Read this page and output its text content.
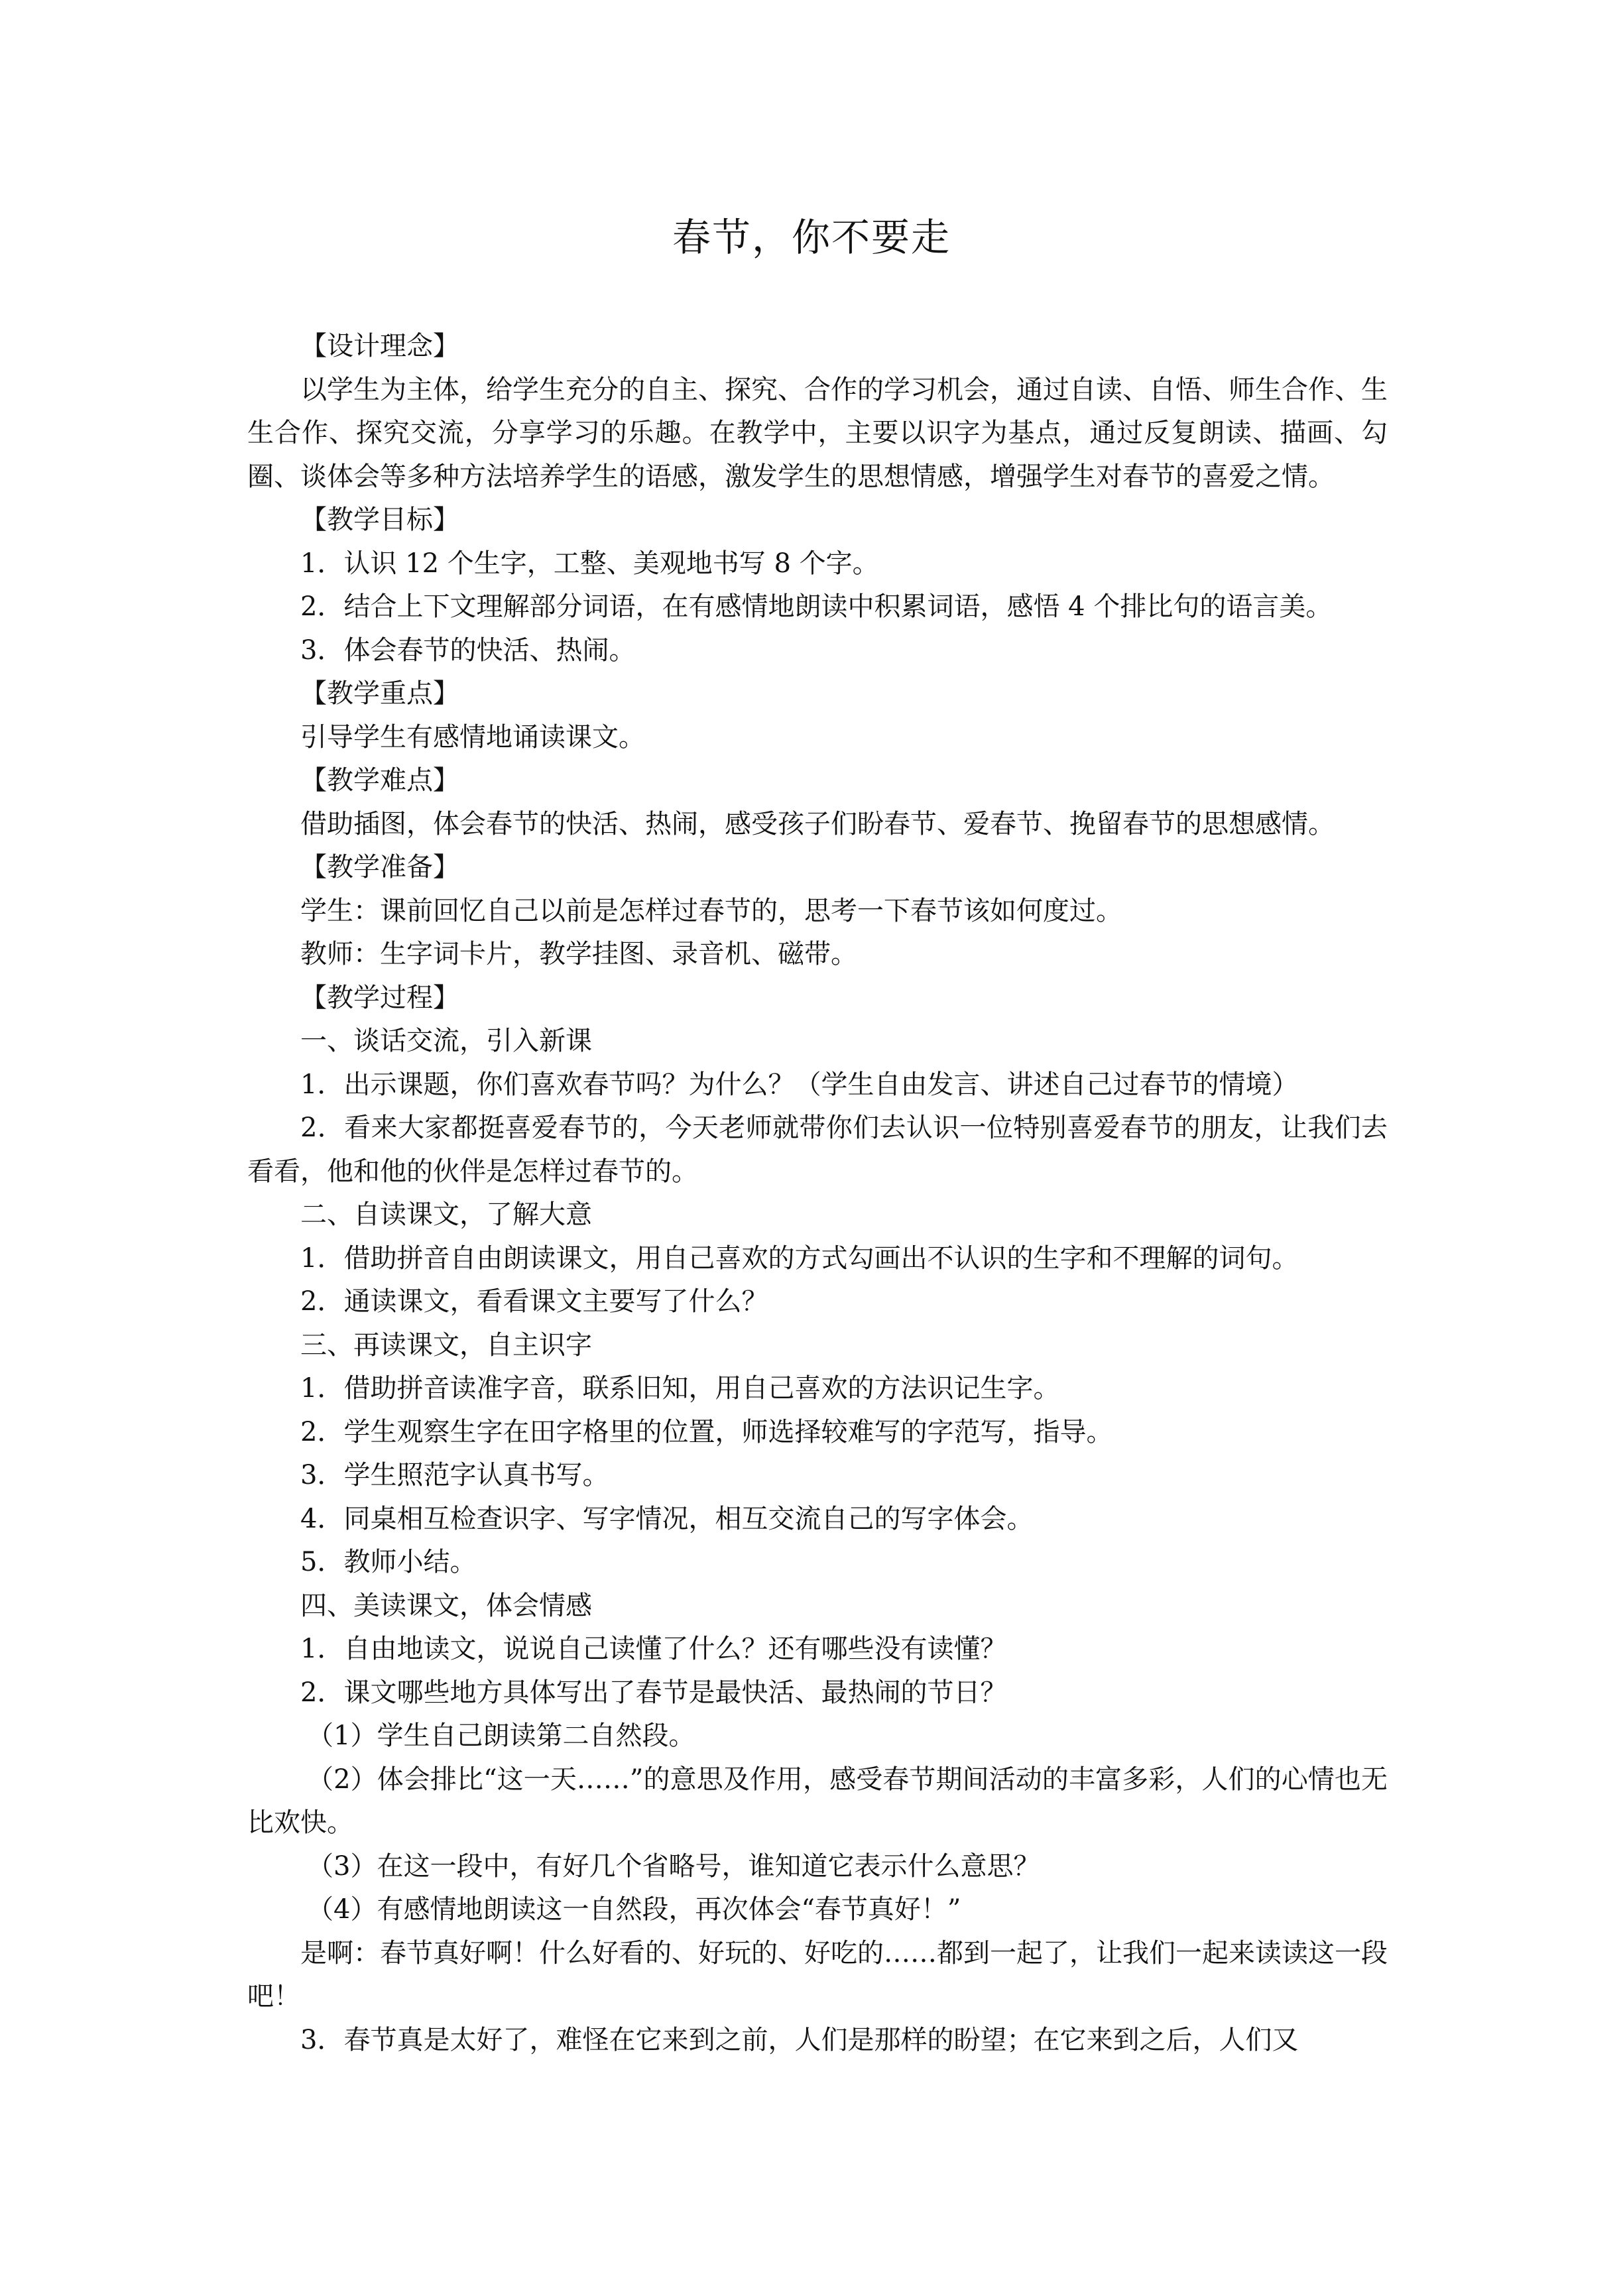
春节，你不要走

【设计理念】

以学生为主体，给学生充分的自主、探究、合作的学习机会，通过自读、自悟、师生合作、生生合作、探究交流，分享学习的乐趣。在教学中，主要以识字为基点，通过反复朗读、描画、勾圈、谈体会等多种方法培养学生的语感，激发学生的思想情感，增强学生对春节的喜爱之情。

【教学目标】

1．认识 12 个生字，工整、美观地书写 8 个字。

2．结合上下文理解部分词语，在有感情地朗读中积累词语，感悟 4 个排比句的语言美。

3．体会春节的快活、热闹。

【教学重点】

引导学生有感情地诵读课文。

【教学难点】

借助插图，体会春节的快活、热闹，感受孩子们盼春节、爱春节、挽留春节的思想感情。

【教学准备】

学生：课前回忆自己以前是怎样过春节的，思考一下春节该如何度过。

教师：生字词卡片，教学挂图、录音机、磁带。

【教学过程】

一、谈话交流，引入新课

1．出示课题，你们喜欢春节吗？为什么？（学生自由发言、讲述自己过春节的情境）

2．看来大家都挺喜爱春节的，今天老师就带你们去认识一位特别喜爱春节的朋友，让我们去看看，他和他的伙伴是怎样过春节的。

二、自读课文，了解大意

1．借助拼音自由朗读课文，用自己喜欢的方式勾画出不认识的生字和不理解的词句。

2．通读课文，看看课文主要写了什么？

三、再读课文，自主识字

1．借助拼音读准字音，联系旧知，用自己喜欢的方法识记生字。

2．学生观察生字在田字格里的位置，师选择较难写的字范写，指导。

3．学生照范字认真书写。

4．同桌相互检查识字、写字情况，相互交流自己的写字体会。

5．教师小结。

四、美读课文，体会情感

1．自由地读文，说说自己读懂了什么？还有哪些没有读懂？

2．课文哪些地方具体写出了春节是最快活、最热闹的节日？

（1）学生自己朗读第二自然段。

（2）体会排比“这一天……”的意思及作用，感受春节期间活动的丰富多彩，人们的心情也无比欢快。

（3）在这一段中，有好几个省略号，谁知道它表示什么意思？

（4）有感情地朗读这一自然段，再次体会“春节真好！”

是啊：春节真好啊！什么好看的、好玩的、好吃的……都到一起了，让我们一起来读读这一段吧！

3．春节真是太好了，难怪在它来到之前，人们是那样的盼望；在它来到之后，人们又
